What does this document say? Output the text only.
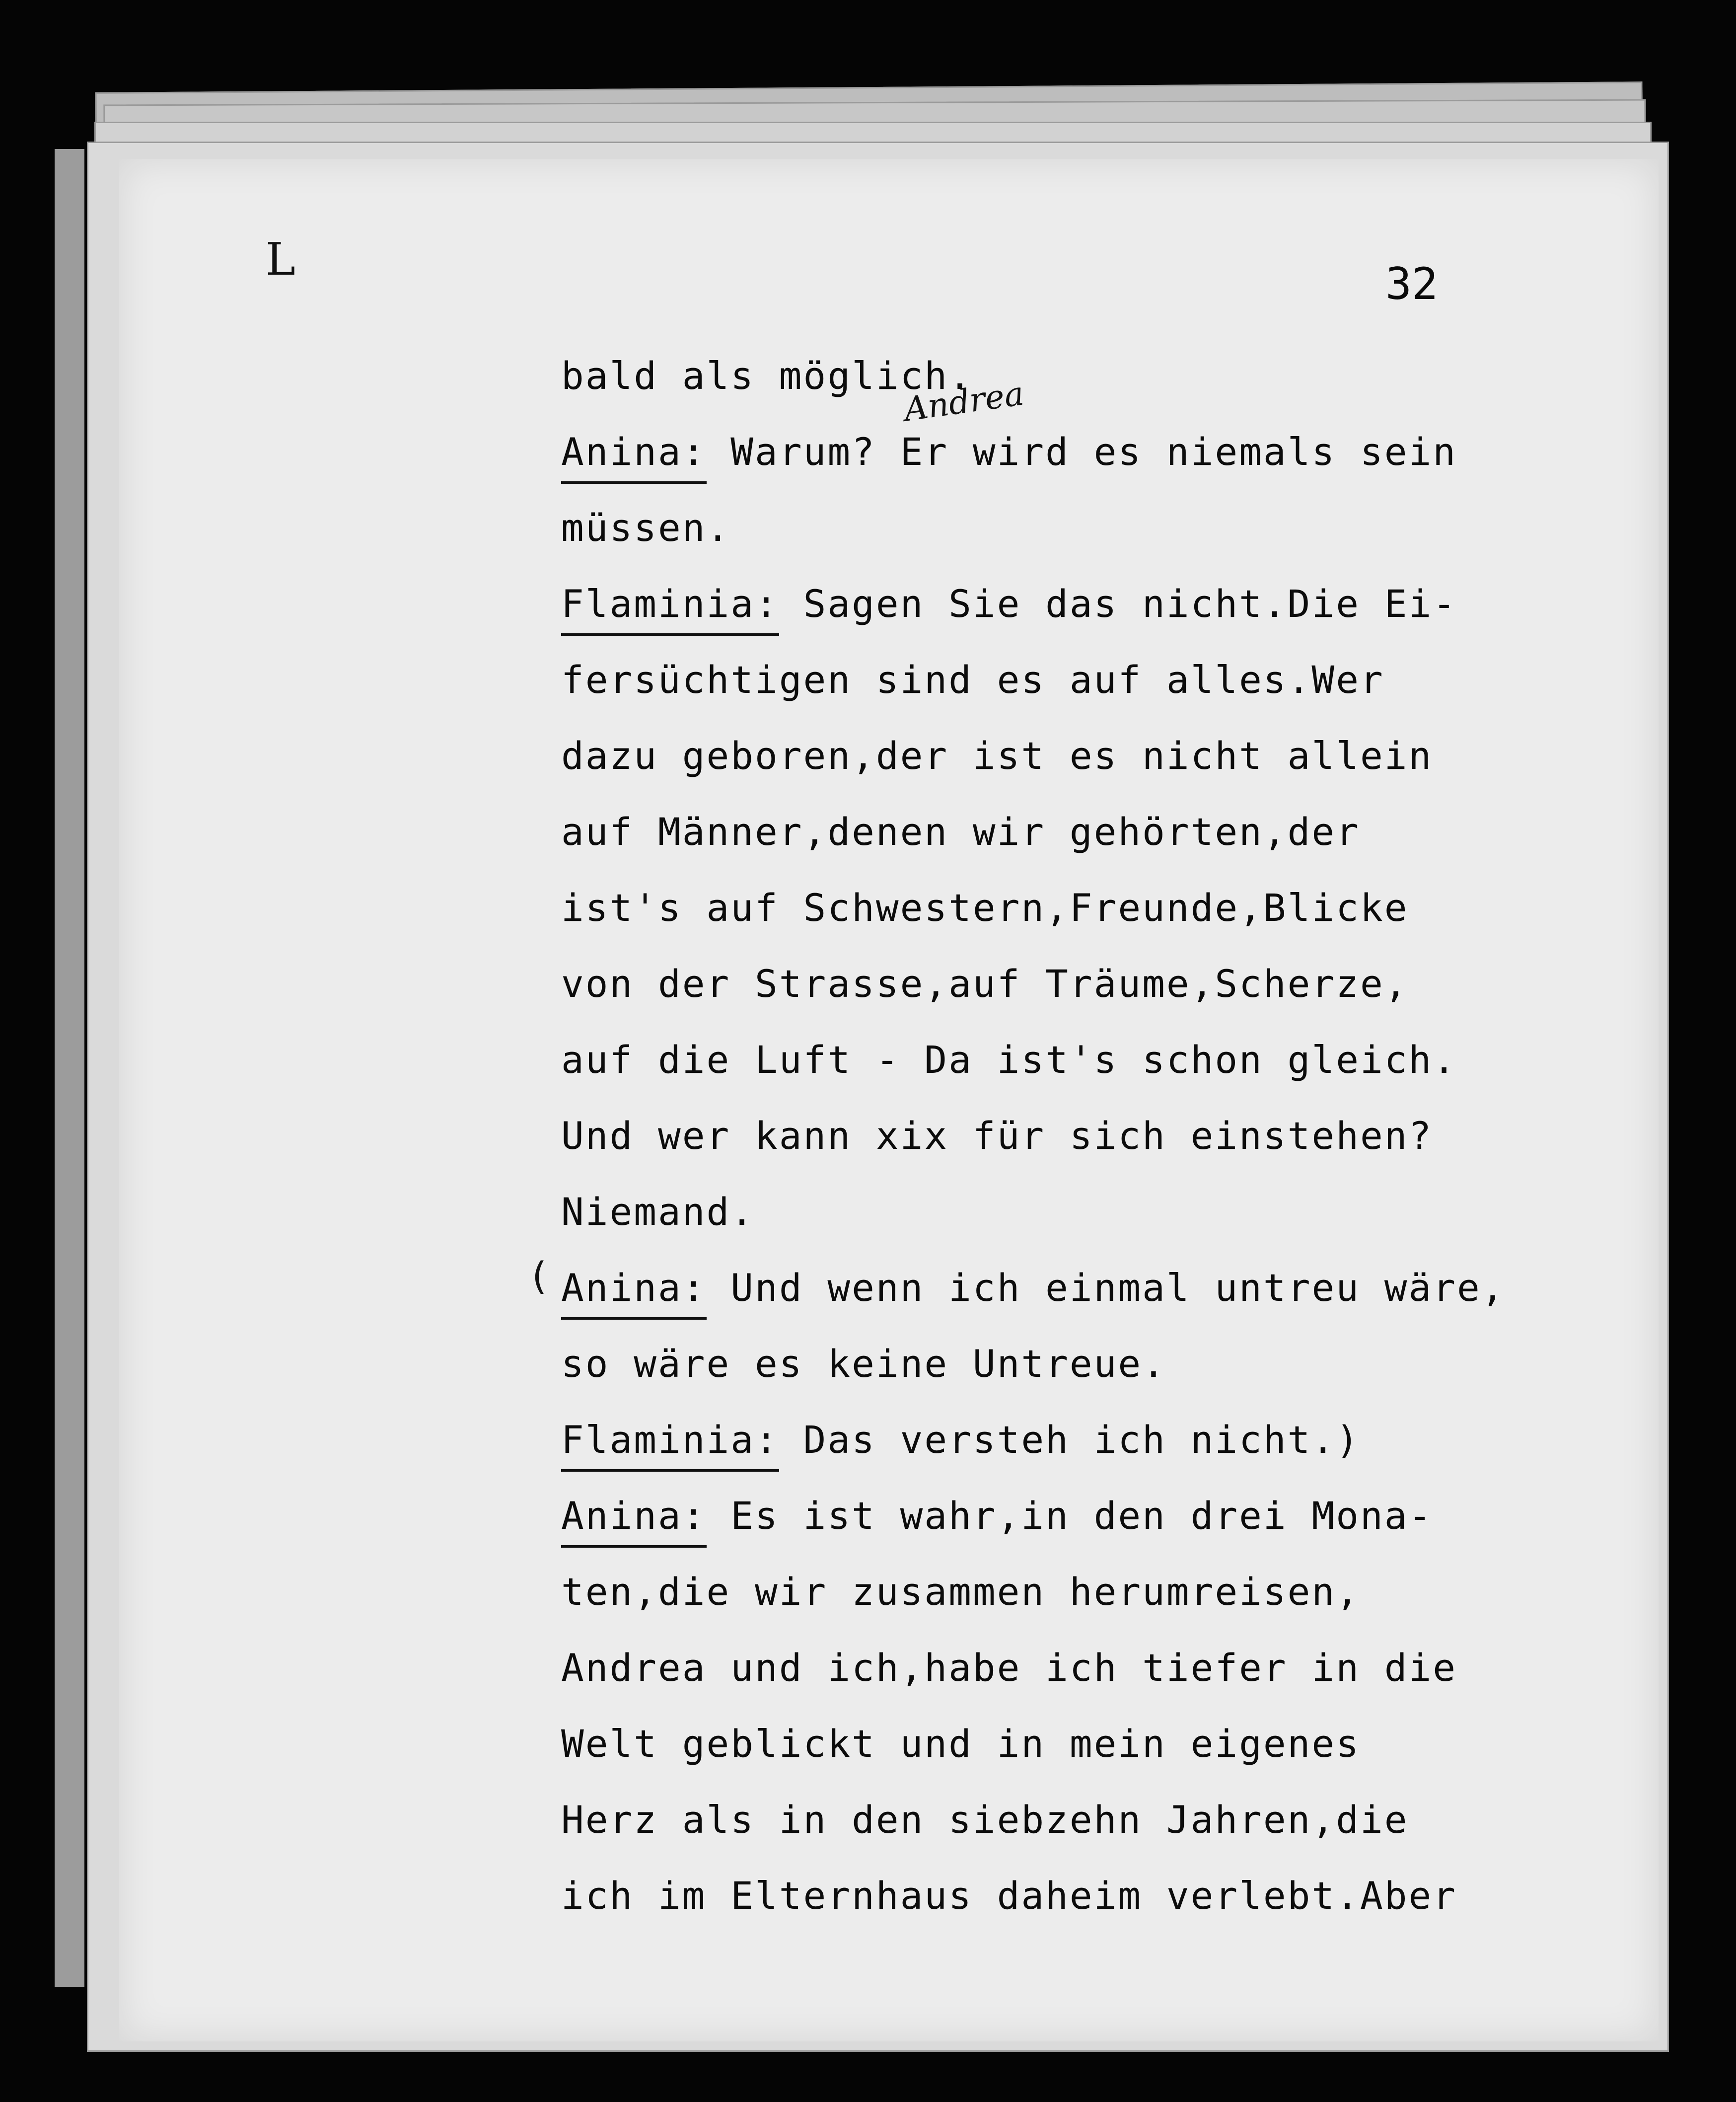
L	32
Andrea
(
bald als möglich.
Anina: Warum? Er wird es niemals sein
müssen.
Flaminia: Sagen Sie das nicht.Die Ei-
fersüchtigen sind es auf alles.Wer
dazu geboren,der ist es nicht allein
auf Männer,denen wir gehörten,der
ist's auf Schwestern,Freunde,Blicke
von der Strasse,auf Träume,Scherze,
auf die Luft - Da ist's schon gleich.
Und wer kann xix für sich einstehen?
Niemand.
Anina: Und wenn ich einmal untreu wäre,
so wäre es keine Untreue.
Flaminia: Das versteh ich nicht.)
Anina: Es ist wahr,in den drei Mona-
ten,die wir zusammen herumreisen,
Andrea und ich,habe ich tiefer in die
Welt geblickt und in mein eigenes
Herz als in den siebzehn Jahren,die
ich im Elternhaus daheim verlebt.Aber
